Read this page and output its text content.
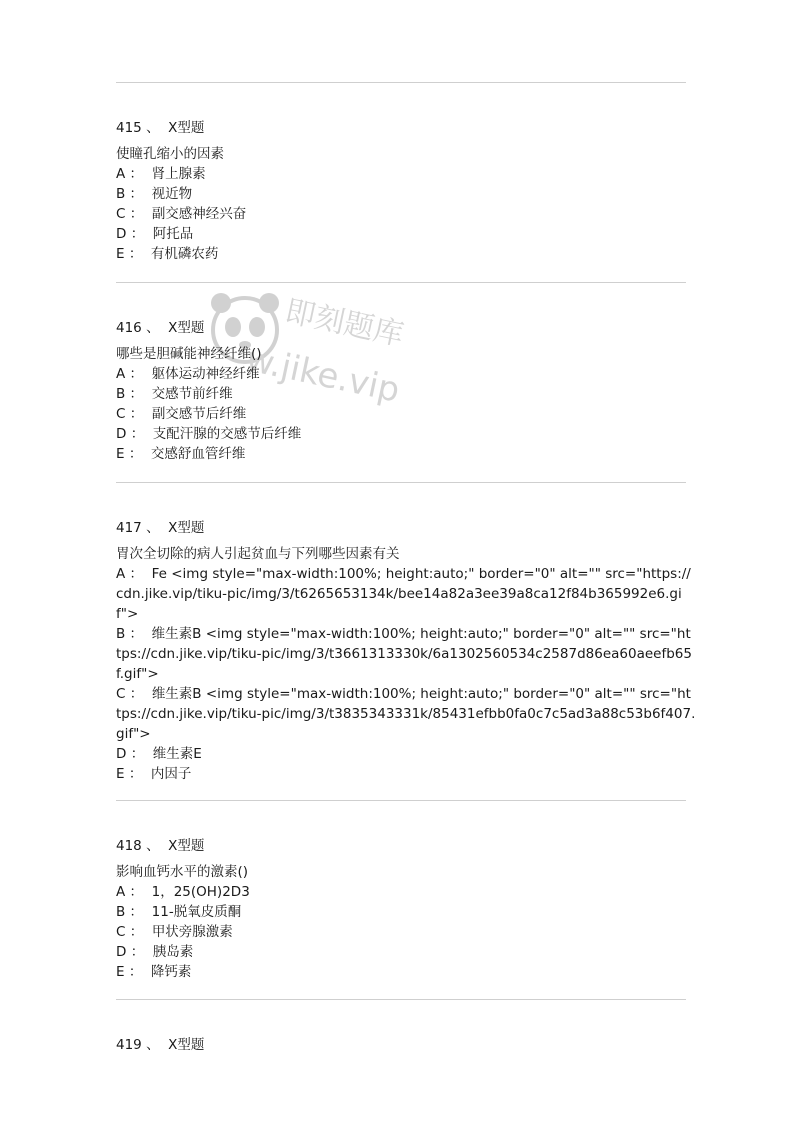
415 、 X型题
使瞳孔缩小的因素
A ：  肾上腺素
B ：  视近物
C ：  副交感神经兴奋
D ：  阿托品
E ：  有机磷农药
416 、 X型题
哪些是胆碱能神经纤维()
A ：  躯体运动神经纤维
B ：  交感节前纤维
C ：  副交感节后纤维
D ：  支配汗腺的交感节后纤维
E ：  交感舒血管纤维
417 、 X型题
胃次全切除的病人引起贫血与下列哪些因素有关
A ：  Fe <img style="max-width:100%; height:auto;" border="0" alt="" src="https://cdn.jike.vip/tiku-pic/img/3/t6265653134k/bee14a82a3ee39a8ca12f84b365992e6.gif">
B ：  维生素B <img style="max-width:100%; height:auto;" border="0" alt="" src="https://cdn.jike.vip/tiku-pic/img/3/t3661313330k/6a1302560534c2587d86ea60aeefb65f.gif">
C ：  维生素B <img style="max-width:100%; height:auto;" border="0" alt="" src="https://cdn.jike.vip/tiku-pic/img/3/t3835343331k/85431efbb0fa0c7c5ad3a88c53b6f407.gif">
D ：  维生素E
E ：  内因子
418 、 X型题
影响血钙水平的激素()
A ：  1，25(OH)2D3
B ：  11-脱氧皮质酮
C ：  甲状旁腺激素
D ：  胰岛素
E ：  降钙素
419 、 X型题
即刻题库
w.jike.vip
